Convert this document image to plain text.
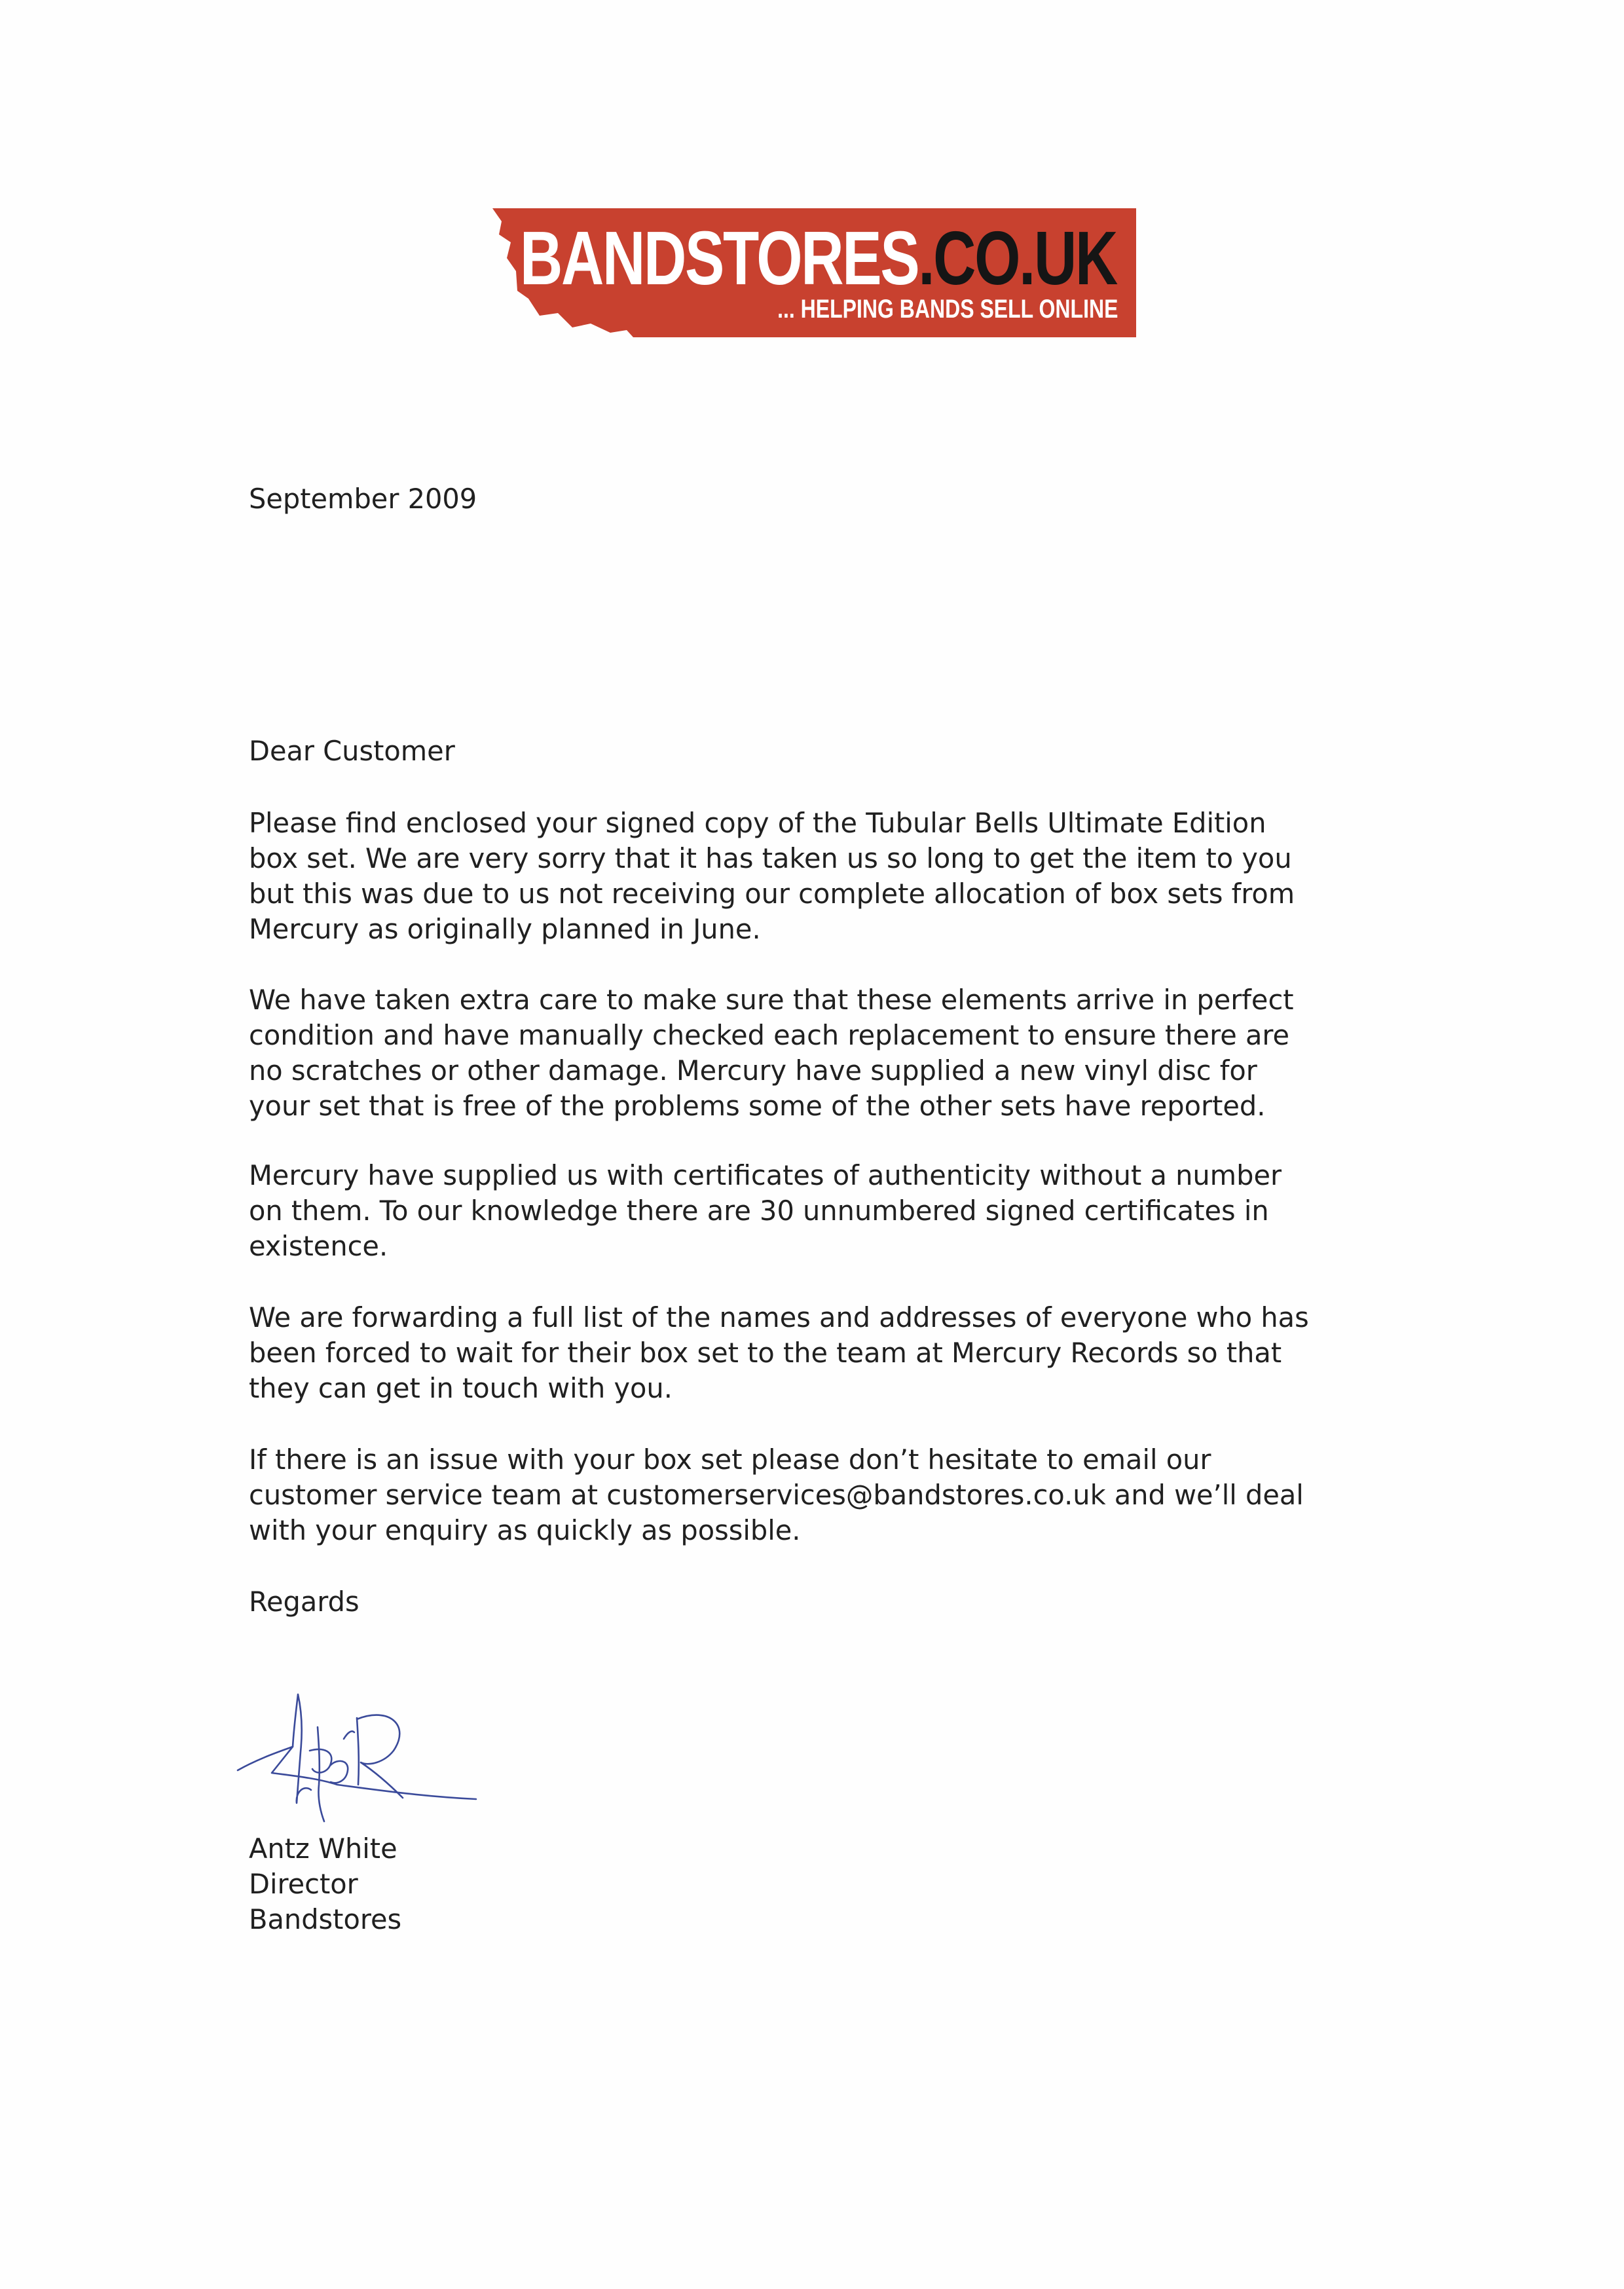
BANDSTORES.CO.UK
... HELPING BANDS SELL ONLINE
September 2009
Dear Customer
Please find enclosed your signed copy of the Tubular Bells Ultimate Edition
box set. We are very sorry that it has taken us so long to get the item to you
but this was due to us not receiving our complete allocation of box sets from
Mercury as originally planned in June.
We have taken extra care to make sure that these elements arrive in perfect
condition and have manually checked each replacement to ensure there are
no scratches or other damage. Mercury have supplied a new vinyl disc for
your set that is free of the problems some of the other sets have reported.
Mercury have supplied us with certificates of authenticity without a number
on them. To our knowledge there are 30 unnumbered signed certificates in
existence.
We are forwarding a full list of the names and addresses of everyone who has
been forced to wait for their box set to the team at Mercury Records so that
they can get in touch with you.
If there is an issue with your box set please don’t hesitate to email our
customer service team at customerservices@bandstores.co.uk and we’ll deal
with your enquiry as quickly as possible.
Regards
Antz White
Director
Bandstores
